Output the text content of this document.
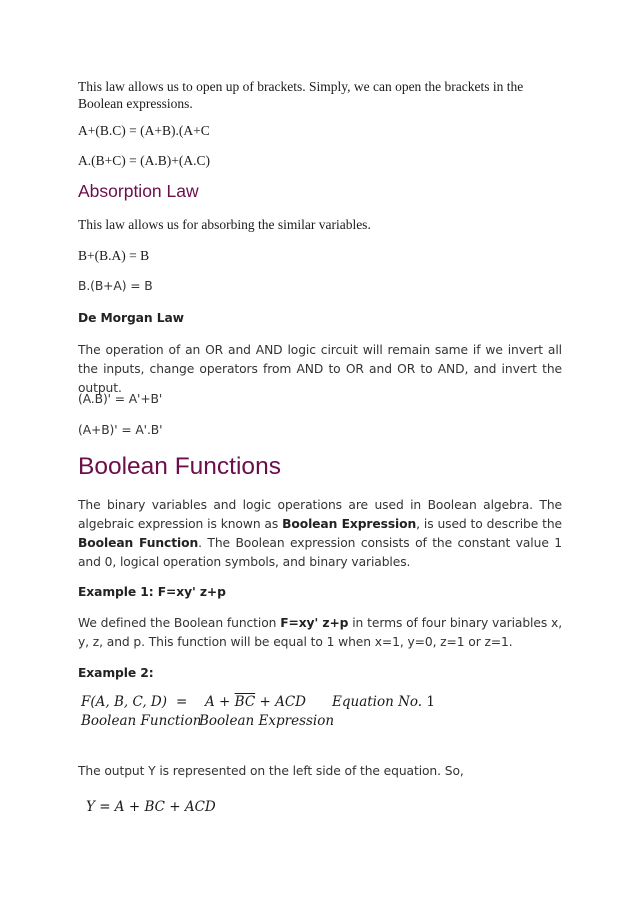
This law allows us to open up of brackets. Simply, we can open the brackets in the Boolean expressions.

A+(B.C) = (A+B).(A+C

A.(B+C) = (A.B)+(A.C)

Absorption Law

This law allows us for absorbing the similar variables.

B+(B.A) = B

B.(B+A) = B

De Morgan Law

The operation of an OR and AND logic circuit will remain same if we invert all the inputs, change operators from AND to OR and OR to AND, and invert the output.

(A.B)' = A'+B'

(A+B)' = A'.B'

Boolean Functions

The binary variables and logic operations are used in Boolean algebra. The algebraic expression is known as Boolean Expression, is used to describe the Boolean Function. The Boolean expression consists of the constant value 1 and 0, logical operation symbols, and binary variables.

Example 1: F=xy' z+p

We defined the Boolean function F=xy' z+p in terms of four binary variables x, y, z, and p. This function will be equal to 1 when x=1, y=0, z=1 or z=1.

Example 2:

F(A, B, C, $D) = A + \overline{BC}$ + ACD Equation No. 1
Boolean Function
Boolean Expression

The output Y is represented on the left side of the equation. So,

Y = A + BC + ACD
